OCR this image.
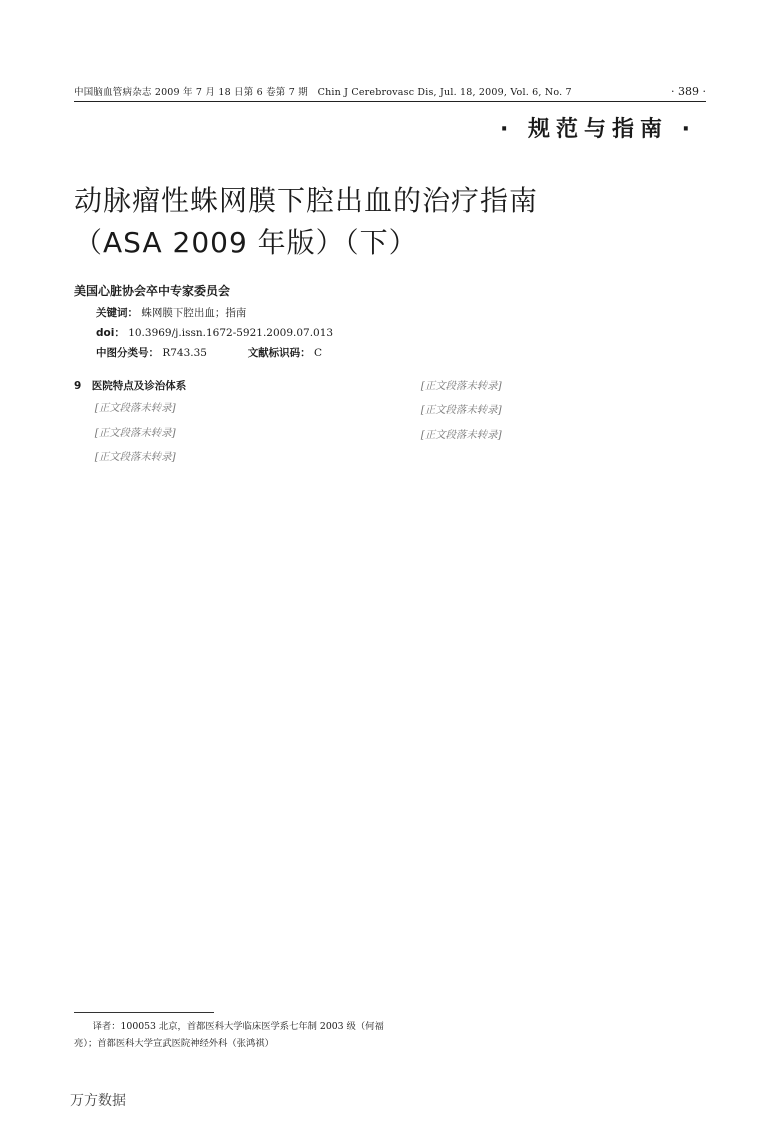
中国脑血管病杂志 2009 年 7 月 18 日第 6 卷第 7 期　Chin J Cerebrovasc Dis, Jul. 18, 2009, Vol. 6, No. 7	· 389 ·
· 规范与指南 ·
动脉瘤性蛛网膜下腔出血的治疗指南
（ASA 2009 年版）（下）
美国心脏协会卒中专家委员会
关键词： 蛛网膜下腔出血；指南
doi： 10.3969/j.issn.1672-5921.2009.07.013
中图分类号： R743.35	文献标识码： C
9　医院特点及诊治体系

[正文段落未转录]

[正文段落未转录]

[正文段落未转录]

[正文段落未转录]

[正文段落未转录]

[正文段落未转录]

译者：100053 北京，首都医科大学临床医学系七年制 2003 级（何福亮）；首都医科大学宣武医院神经外科（张鸿祺）
万方数据
